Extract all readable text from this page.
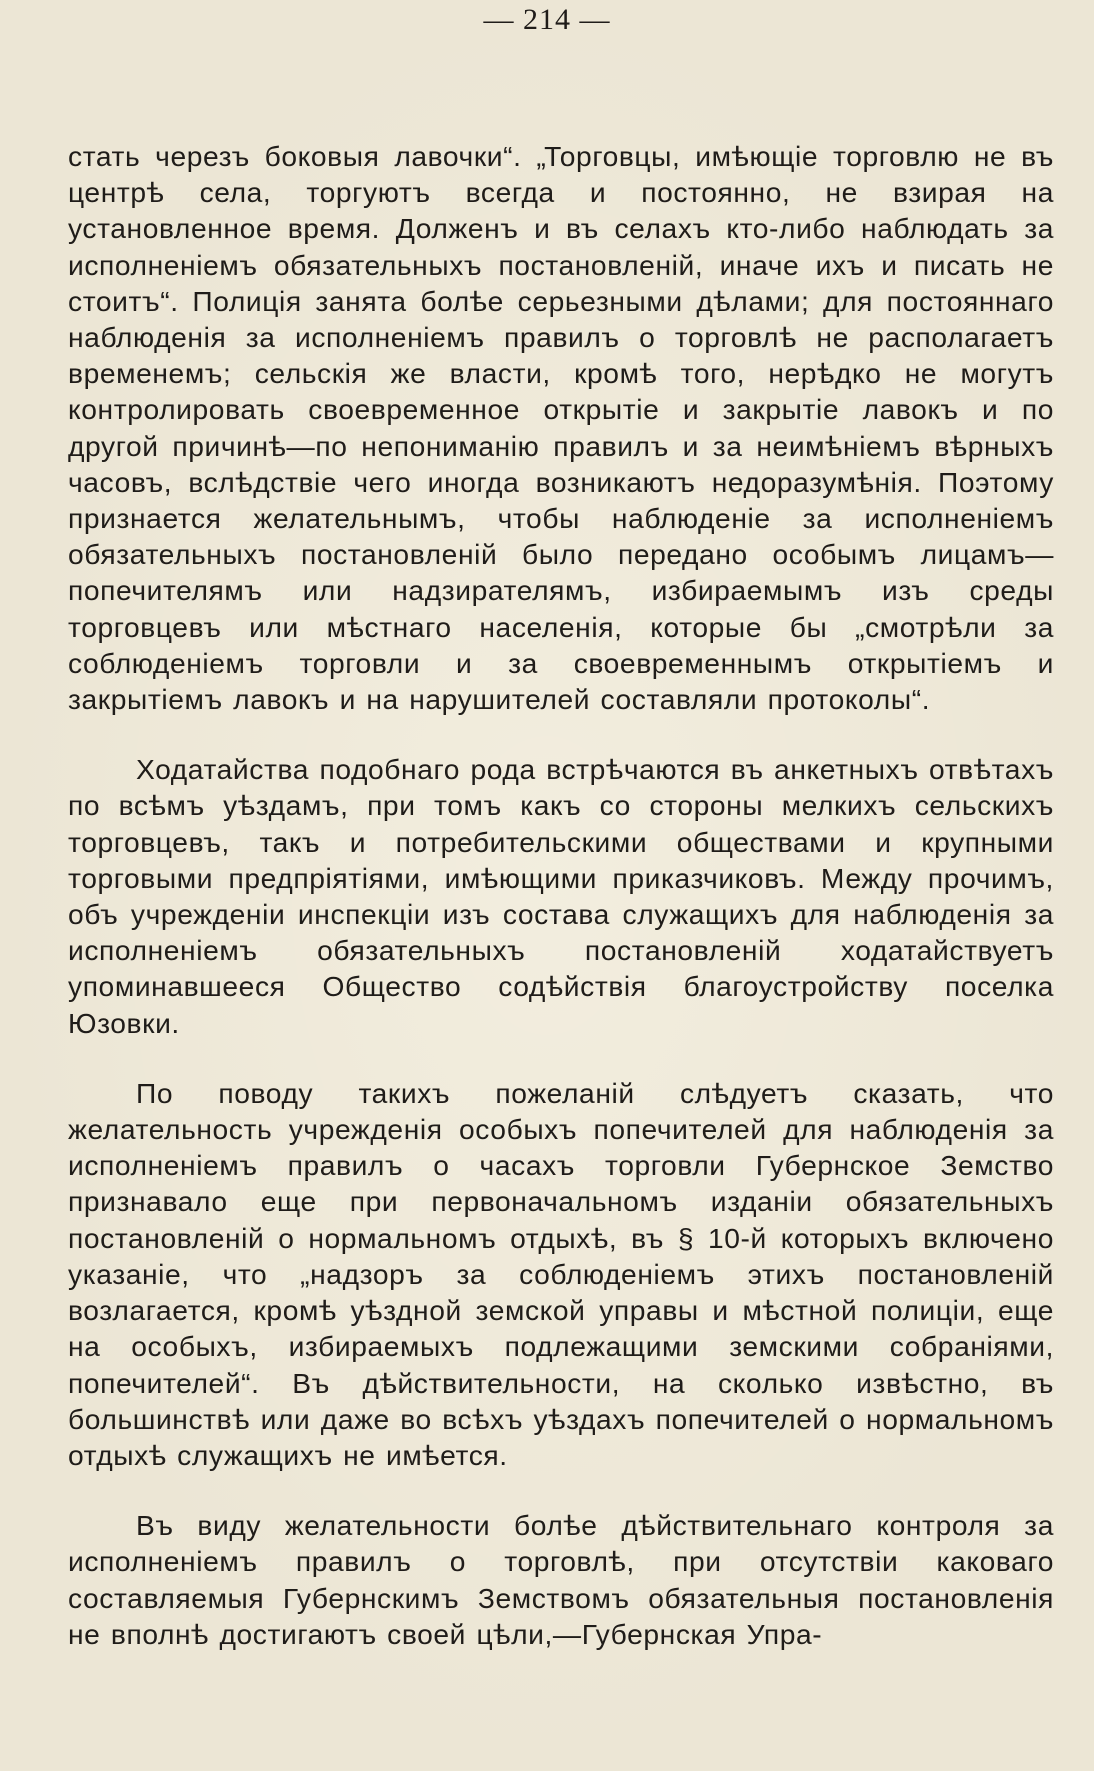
— 214 —

стать черезъ боковыя лавочки“. „Торговцы, имѣющіе торговлю не въ центрѣ села, торгуютъ всегда и постоянно, не взирая на установленное время. Долженъ и въ селахъ кто-либо наблюдать за исполненіемъ обязательныхъ постановленій, иначе ихъ и писать не стоитъ“. Полиція занята болѣе серьезными дѣлами; для постояннаго наблюденія за исполненіемъ правилъ о торговлѣ не располагаетъ временемъ; сельскія же власти, кромѣ того, нерѣдко не могутъ контролировать своевременное открытіе и закрытіе лавокъ и по другой причинѣ—по непониманію правилъ и за неимѣніемъ вѣрныхъ часовъ, вслѣдствіе чего иногда возникаютъ недоразумѣнія. Поэтому признается желательнымъ, чтобы наблюденіе за исполненіемъ обязательныхъ постановленій было передано особымъ лицамъ—попечителямъ или надзирателямъ, избираемымъ изъ среды торговцевъ или мѣстнаго населенія, которые бы „смотрѣли за соблюденіемъ торговли и за своевременнымъ открытіемъ и закрытіемъ лавокъ и на нарушителей составляли протоколы“.

Ходатайства подобнаго рода встрѣчаются въ анкетныхъ отвѣтахъ по всѣмъ уѣздамъ, при томъ какъ со стороны мелкихъ сельскихъ торговцевъ, такъ и потребительскими обществами и крупными торговыми предпріятіями, имѣющими приказчиковъ. Между прочимъ, объ учрежденіи инспекціи изъ состава служащихъ для наблюденія за исполненіемъ обязательныхъ постановленій ходатайствуетъ упоминавшееся Общество содѣйствія благоустройству поселка Юзовки.

По поводу такихъ пожеланій слѣдуетъ сказать, что желательность учрежденія особыхъ попечителей для наблюденія за исполненіемъ правилъ о часахъ торговли Губернское Земство признавало еще при первоначальномъ изданіи обязательныхъ постановленій о нормальномъ отдыхѣ, въ § 10-й которыхъ включено указаніе, что „надзоръ за соблюденіемъ этихъ постановленій возлагается, кромѣ уѣздной земской управы и мѣстной полиціи, еще на особыхъ, избираемыхъ подлежащими земскими собраніями, попечителей“. Въ дѣйствительности, на сколько извѣстно, въ большинствѣ или даже во всѣхъ уѣздахъ попечителей о нормальномъ отдыхѣ служащихъ не имѣется.

Въ виду желательности болѣе дѣйствительнаго контроля за исполненіемъ правилъ о торговлѣ, при отсутствіи каковаго составляемыя Губернскимъ Земствомъ обязательныя постановленія не вполнѣ достигаютъ своей цѣли,—Губернская Упра-
